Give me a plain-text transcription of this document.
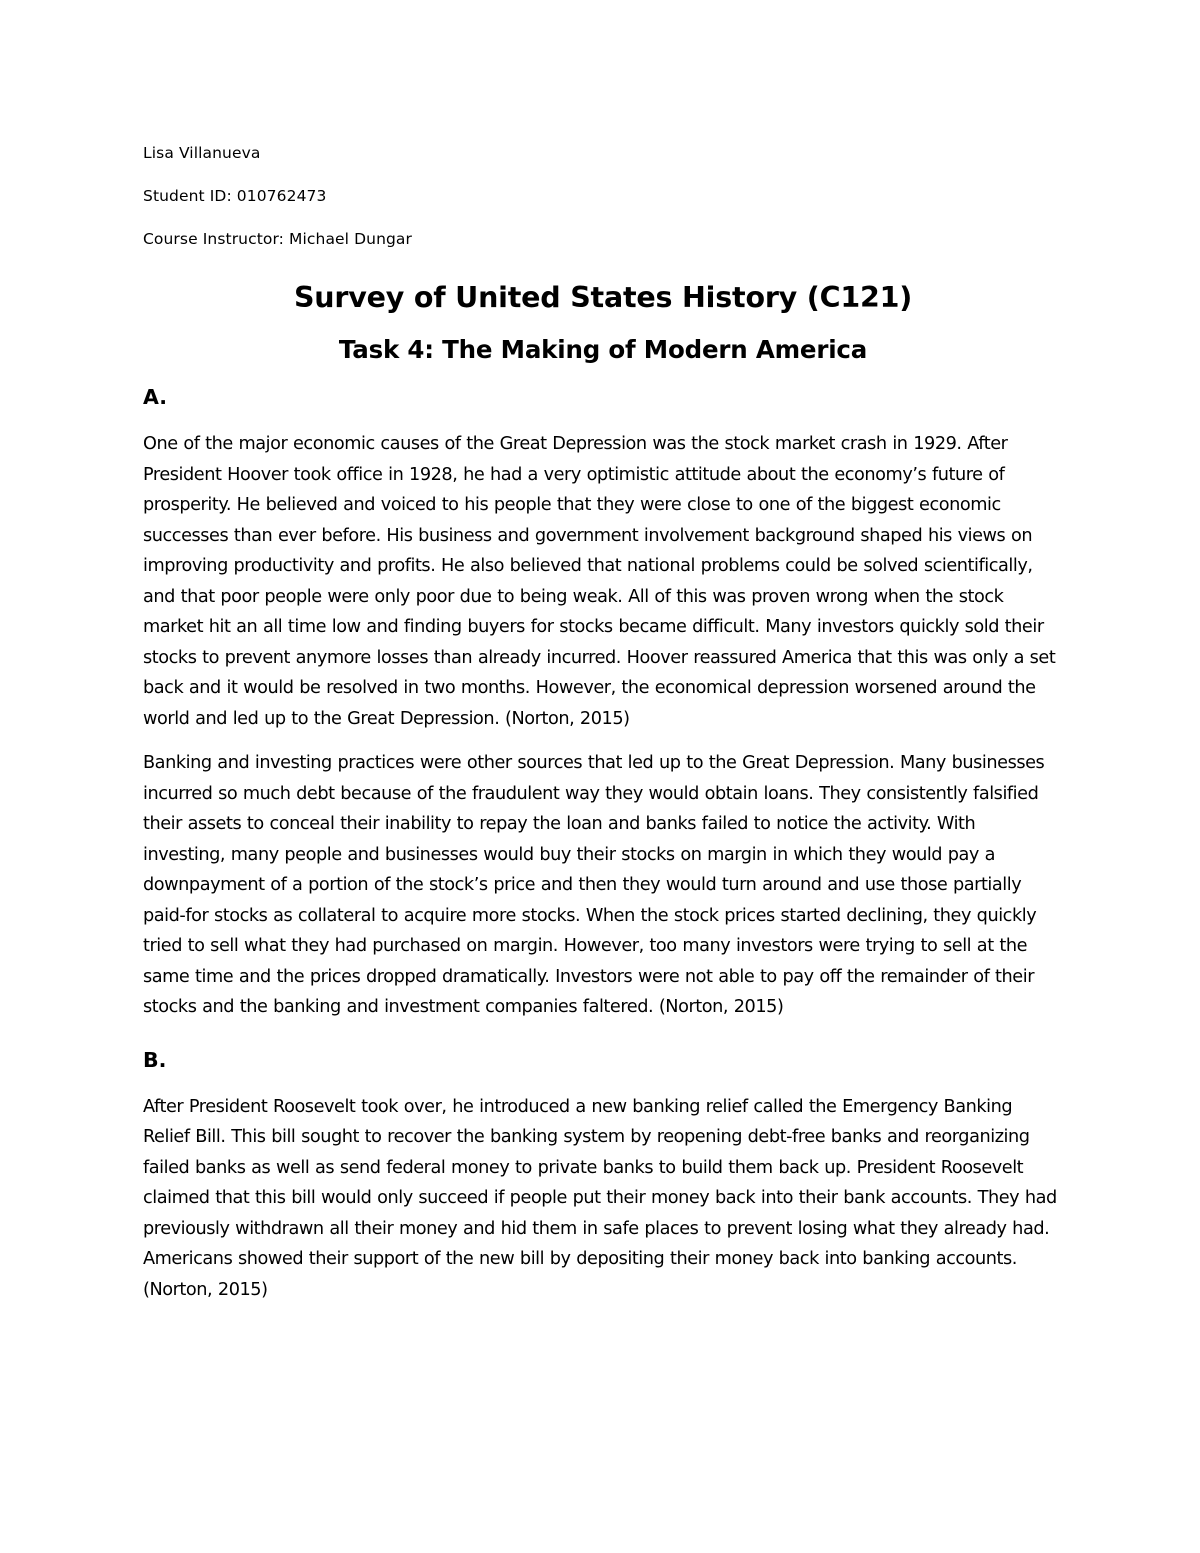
Lisa Villanueva

Student ID: 010762473

Course Instructor: Michael Dungar

Survey of United States History (C121)
Task 4: The Making of Modern America
A.

One of the major economic causes of the Great Depression was the stock market crash in 1929. After President Hoover took office in 1928, he had a very optimistic attitude about the economy’s future of prosperity. He believed and voiced to his people that they were close to one of the biggest economic successes than ever before. His business and government involvement background shaped his views on improving productivity and profits. He also believed that national problems could be solved scientifically, and that poor people were only poor due to being weak. All of this was proven wrong when the stock market hit an all time low and finding buyers for stocks became difficult. Many investors quickly sold their stocks to prevent anymore losses than already incurred. Hoover reassured America that this was only a set back and it would be resolved in two months. However, the economical depression worsened around the world and led up to the Great Depression. (Norton, 2015)

Banking and investing practices were other sources that led up to the Great Depression. Many businesses incurred so much debt because of the fraudulent way they would obtain loans. They consistently falsified their assets to conceal their inability to repay the loan and banks failed to notice the activity. With investing, many people and businesses would buy their stocks on margin in which they would pay a downpayment of a portion of the stock’s price and then they would turn around and use those partially paid-for stocks as collateral to acquire more stocks. When the stock prices started declining, they quickly tried to sell what they had purchased on margin. However, too many investors were trying to sell at the same time and the prices dropped dramatically. Investors were not able to pay off the remainder of their stocks and the banking and investment companies faltered. (Norton, 2015)

B.

After President Roosevelt took over, he introduced a new banking relief called the Emergency Banking Relief Bill. This bill sought to recover the banking system by reopening debt-free banks and reorganizing failed banks as well as send federal money to private banks to build them back up. President Roosevelt claimed that this bill would only succeed if people put their money back into their bank accounts. They had previously withdrawn all their money and hid them in safe places to prevent losing what they already had. Americans showed their support of the new bill by depositing their money back into banking accounts. (Norton, 2015)
